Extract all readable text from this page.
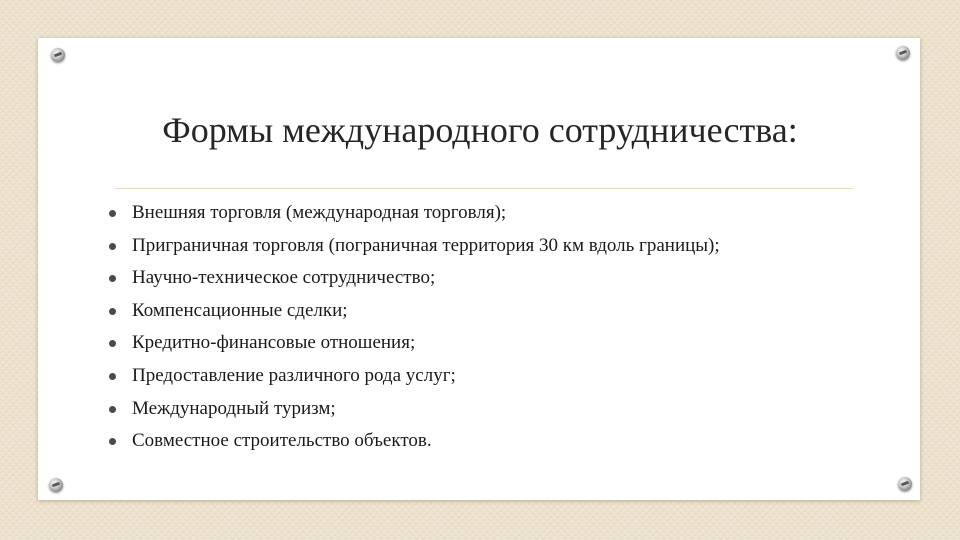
Формы международного сотрудничества:
Внешняя торговля (международная торговля);
Приграничная торговля (пограничная территория 30 км вдоль границы);
Научно-техническое сотрудничество;
Компенсационные сделки;
Кредитно-финансовые отношения;
Предоставление различного рода услуг;
Международный туризм;
Совместное строительство объектов.
